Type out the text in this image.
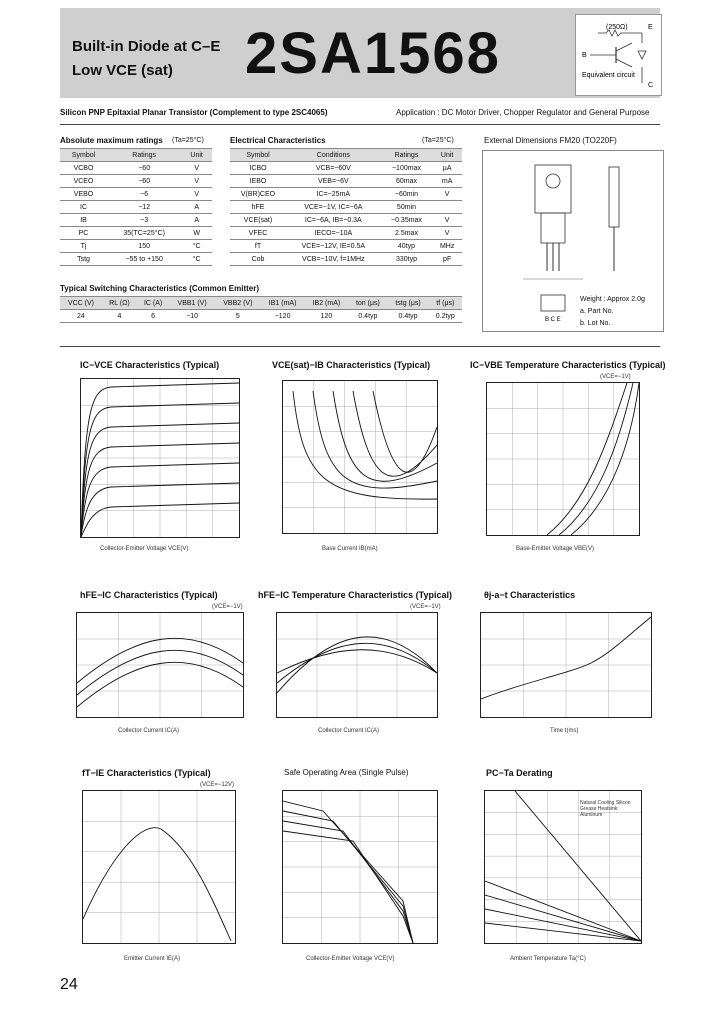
Built-in Diode at C–E
Low VCE (sat) 2SA1568	(250Ω)	E
B
C
Equivalent circuit
Silicon PNP Epitaxial Planar Transistor (Complement to type 2SC4065)	Application : DC Motor Driver, Chopper Regulator and General Purpose
Absolute maximum ratings (Ta=25°C)
Symbol	Ratings	Unit
VCBO	−60	V
VCEO	−60	V
VEBO	−6	V
IC	−12	A
IB	−3	A
PC	35(TC=25°C)	W
Tj	150	°C
Tstg	−55 to +150	°C
Electrical Characteristics	(Ta=25°C)
Symbol	Conditions	Ratings	Unit
ICBO	VCB=−60V	−100max	μA
IEBO	VEB=−6V	60max	mA
V(BR)CEO	IC=−25mA	−60min	V
hFE	VCE=−1V, IC=−6A	50min	
VCE(sat)	IC=−6A, IB=−0.3A	−0.35max	V
VFEC	IECO=−10A	2.5max	V
fT	VCE=−12V, IE=0.5A	40typ	MHz
Cob	VCB=−10V, f=1MHz	330typ	pF
Typical Switching Characteristics (Common Emitter)
VCC (V)	RL (Ω)	IC (A)	VBB1 (V)	VBB2 (V)	IB1 (mA)	IB2 (mA)	ton (μs)	tstg (μs)	tf (μs)
24	4	6	−10	5	−120	120	0.4typ	0.4typ	0.2typ
External Dimensions FM20 (TO220F)
B C E
Weight : Approx 2.0g
a. Part No.
b. Lot No.
IC−VCE Characteristics (Typical)
Collector-Emitter Voltage VCE(V)
VCE(sat)−IB Characteristics (Typical)
Base Current IB(mA)
IC−VBE Temperature Characteristics (Typical)
(VCE=−1V)
Base-Emitter Voltage VBE(V)
hFE−IC Characteristics (Typical)
(VCE=−1V)
Collector Current IC(A)
hFE−IC Temperature Characteristics (Typical)
(VCE=−1V)
Collector Current IC(A)
θj-a−t Characteristics
Time t(ms)
fT−IE Characteristics (Typical)
(VCE=−12V)
Emitter Current IE(A)
Safe Operating Area (Single Pulse)
Collector-Emitter Voltage VCE(V)
PC−Ta Derating
Natural Cooling Silicon Grease Heatsink: Aluminum
Ambient Temperature Ta(°C)
24
